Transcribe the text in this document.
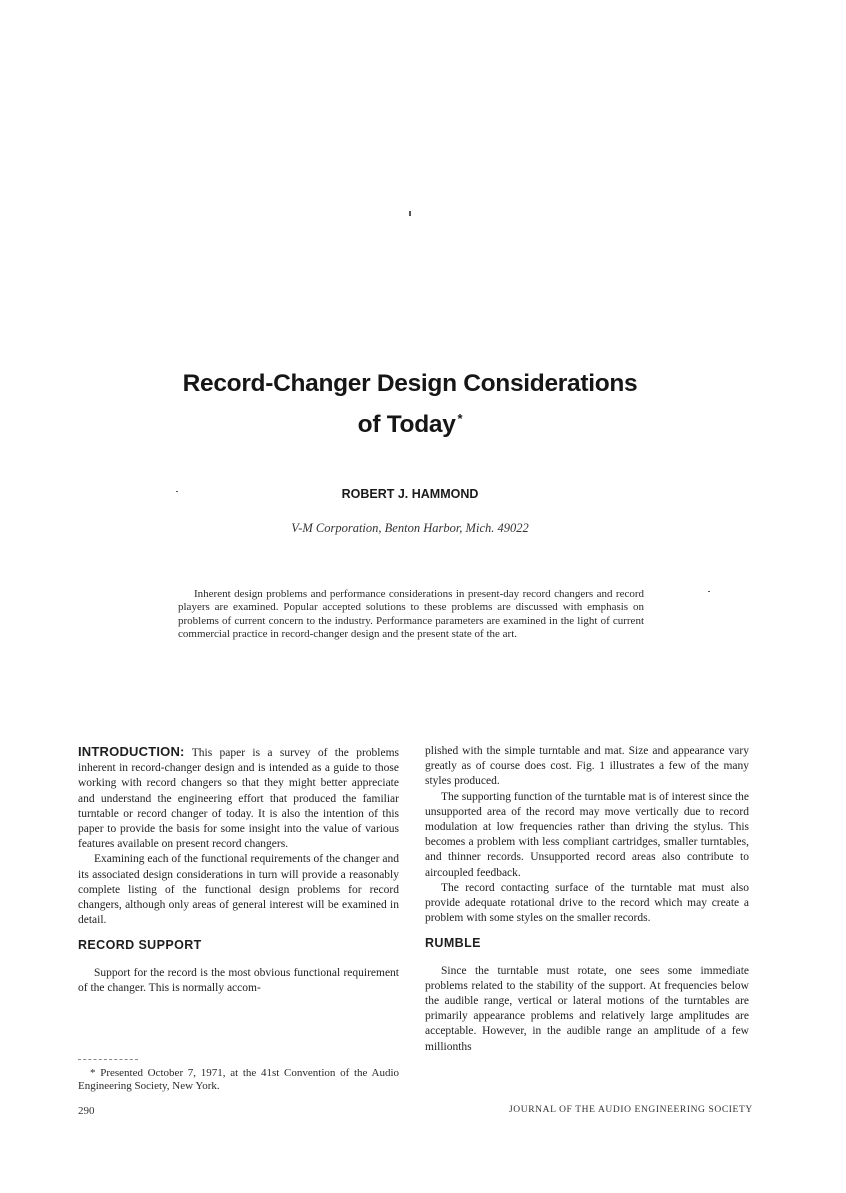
Record-Changer Design Considerations
of Today *
ROBERT J. HAMMOND
V-M Corporation, Benton Harbor, Mich. 49022

Inherent design problems and performance considerations in present-day record changers and record players are examined. Popular accepted solutions to these problems are discussed with emphasis on problems of current concern to the industry. Performance parameters are examined in the light of current commercial practice in record-changer design and the present state of the art.

INTRODUCTION: This paper is a survey of the problems inherent in record-changer design and is intended as a guide to those working with record changers so that they might better appreciate and understand the engineering effort that produced the familiar turntable or record changer of today. It is also the intention of this paper to provide the basis for some insight into the value of various features available on present record changers.

Examining each of the functional requirements of the changer and its associated design considerations in turn will provide a reasonably complete listing of the functional design problems for record changers, although only areas of general interest will be examined in detail.

RECORD SUPPORT

Support for the record is the most obvious functional requirement of the changer. This is normally accom-

plished with the simple turntable and mat. Size and appearance vary greatly as of course does cost. Fig. 1 illustrates a few of the many styles produced.

The supporting function of the turntable mat is of interest since the unsupported area of the record may move vertically due to record modulation at low frequencies rather than driving the stylus. This becomes a problem with less compliant cartridges, smaller turntables, and thinner records. Unsupported record areas also contribute to aircoupled feedback.

The record contacting surface of the turntable mat must also provide adequate rotational drive to the record which may create a problem with some styles on the smaller records.

RUMBLE

Since the turntable must rotate, one sees some immediate problems related to the stability of the support. At frequencies below the audible range, vertical or lateral motions of the turntables are primarily appearance problems and relatively large amplitudes are acceptable. However, in the audible range an amplitude of a few millionths

* Presented October 7, 1971, at the 41st Convention of the Audio Engineering Society, New York.

290	JOURNAL OF THE AUDIO ENGINEERING SOCIETY
